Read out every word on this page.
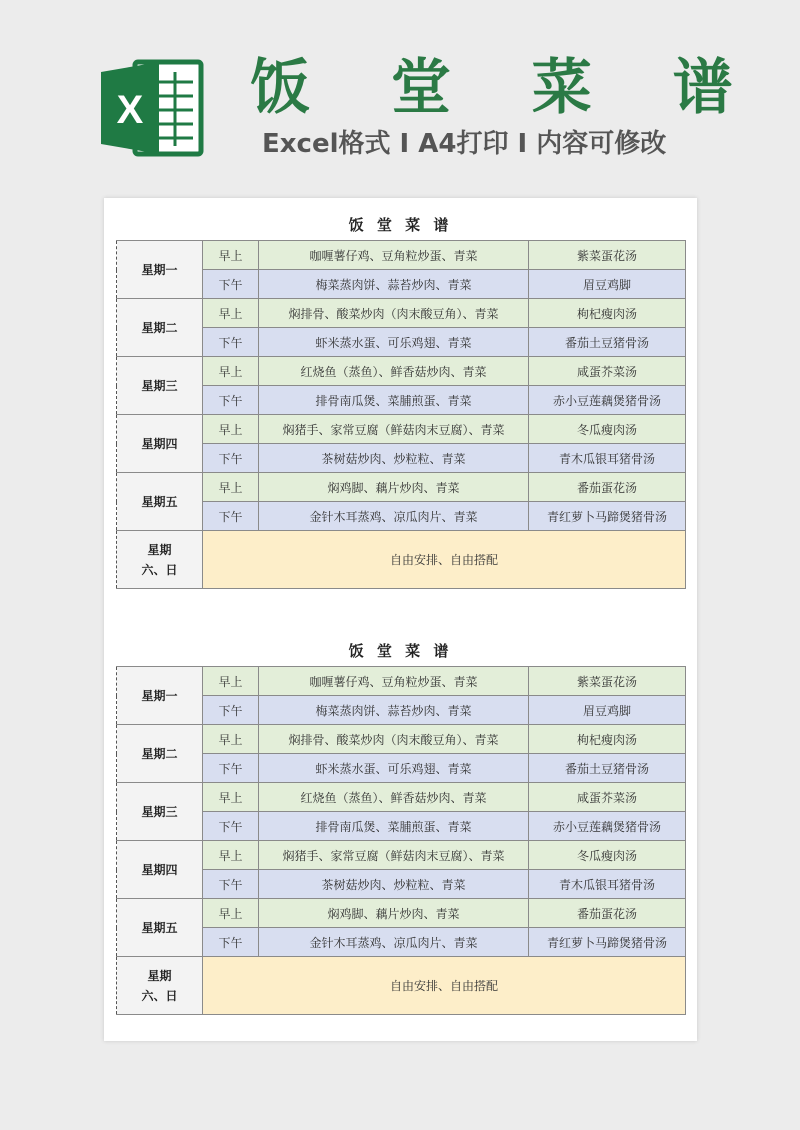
X 饭 堂 菜 谱
Excel格式 I A4打印 I 内容可修改
饭 堂 菜 谱
星期一	早上	咖喱薯仔鸡、豆角粒炒蛋、青菜	紫菜蛋花汤
	下午	梅菜蒸肉饼、蒜苔炒肉、青菜	眉豆鸡脚
星期二	早上	焖排骨、酸菜炒肉（肉末酸豆角）、青菜	枸杞瘦肉汤
	下午	虾米蒸水蛋、可乐鸡翅、青菜	番茄土豆猪骨汤
星期三	早上	红烧鱼（蒸鱼）、鲜香菇炒肉、青菜	咸蛋芥菜汤
	下午	排骨南瓜煲、菜脯煎蛋、青菜	赤小豆莲藕煲猪骨汤
星期四	早上	焖猪手、家常豆腐（鲜菇肉末豆腐）、青菜	冬瓜瘦肉汤
	下午	茶树菇炒肉、炒粒粒、青菜	青木瓜银耳猪骨汤
星期五	早上	焖鸡脚、藕片炒肉、青菜	番茄蛋花汤
	下午	金针木耳蒸鸡、凉瓜肉片、青菜	青红萝卜马蹄煲猪骨汤

星期
六、日	自由安排、自由搭配		
饭 堂 菜 谱
星期一	早上	咖喱薯仔鸡、豆角粒炒蛋、青菜	紫菜蛋花汤
	下午	梅菜蒸肉饼、蒜苔炒肉、青菜	眉豆鸡脚
星期二	早上	焖排骨、酸菜炒肉（肉末酸豆角）、青菜	枸杞瘦肉汤
	下午	虾米蒸水蛋、可乐鸡翅、青菜	番茄土豆猪骨汤
星期三	早上	红烧鱼（蒸鱼）、鲜香菇炒肉、青菜	咸蛋芥菜汤
	下午	排骨南瓜煲、菜脯煎蛋、青菜	赤小豆莲藕煲猪骨汤
星期四	早上	焖猪手、家常豆腐（鲜菇肉末豆腐）、青菜	冬瓜瘦肉汤
	下午	茶树菇炒肉、炒粒粒、青菜	青木瓜银耳猪骨汤
星期五	早上	焖鸡脚、藕片炒肉、青菜	番茄蛋花汤
	下午	金针木耳蒸鸡、凉瓜肉片、青菜	青红萝卜马蹄煲猪骨汤

星期
六、日	自由安排、自由搭配		
